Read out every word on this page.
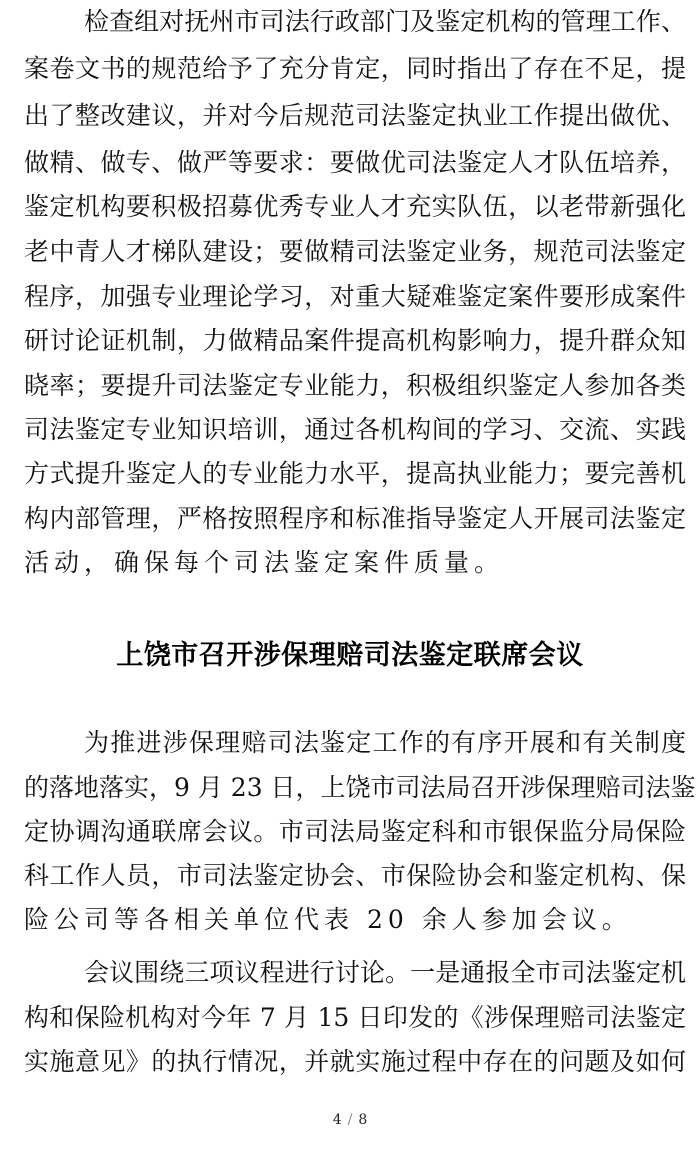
检查组对抚州市司法行政部门及鉴定机构的管理工作、
案卷文书的规范给予了充分肯定，同时指出了存在不足，提
出了整改建议，并对今后规范司法鉴定执业工作提出做优、
做精、做专、做严等要求：要做优司法鉴定人才队伍培养，
鉴定机构要积极招募优秀专业人才充实队伍，以老带新强化
老中青人才梯队建设；要做精司法鉴定业务，规范司法鉴定
程序，加强专业理论学习，对重大疑难鉴定案件要形成案件
研讨论证机制，力做精品案件提高机构影响力，提升群众知
晓率；要提升司法鉴定专业能力，积极组织鉴定人参加各类
司法鉴定专业知识培训，通过各机构间的学习、交流、实践
方式提升鉴定人的专业能力水平，提高执业能力；要完善机
构内部管理，严格按照程序和标准指导鉴定人开展司法鉴定
活动，确保每个司法鉴定案件质量。
上饶市召开涉保理赔司法鉴定联席会议
为推进涉保理赔司法鉴定工作的有序开展和有关制度
的落地落实，9 月 23 日，上饶市司法局召开涉保理赔司法鉴
定协调沟通联席会议。市司法局鉴定科和市银保监分局保险
科工作人员，市司法鉴定协会、市保险协会和鉴定机构、保
险公司等各相关单位代表 20 余人参加会议。
会议围绕三项议程进行讨论。一是通报全市司法鉴定机
构和保险机构对今年 7 月 15 日印发的《涉保理赔司法鉴定
实施意见》的执行情况，并就实施过程中存在的问题及如何
4 / 8
